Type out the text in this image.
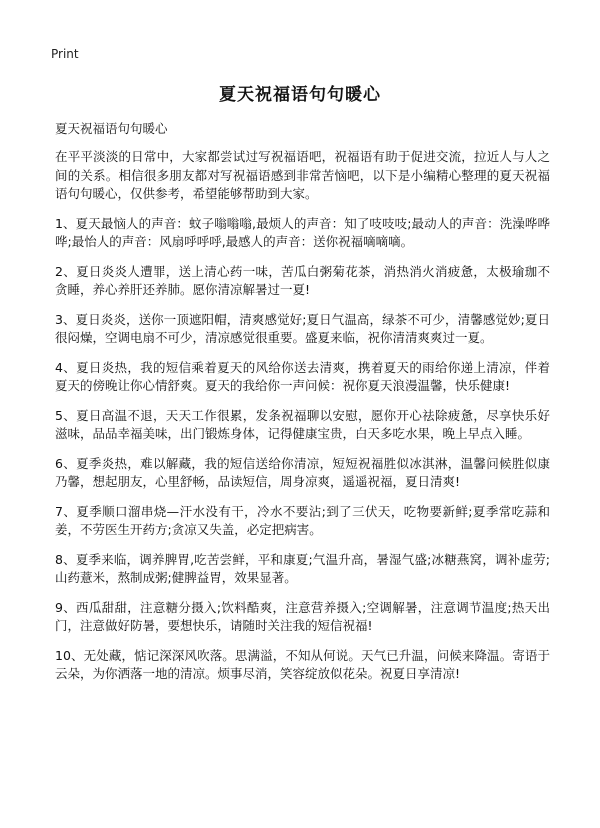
Print
夏天祝福语句句暖心

夏天祝福语句句暖心

在平平淡淡的日常中，大家都尝试过写祝福语吧，祝福语有助于促进交流，拉近人与人之间的关系。相信很多朋友都对写祝福语感到非常苦恼吧，以下是小编精心整理的夏天祝福语句句暖心，仅供参考，希望能够帮助到大家。

1、夏天最恼人的声音：蚊子嗡嗡嗡,最烦人的声音：知了吱吱吱;最动人的声音：洗澡哗哗哗;最怡人的声音：风扇呼呼呼,最感人的声音：送你祝福嘀嘀嘀。

2、夏日炎炎人遭罪，送上清心药一味，苦瓜白粥菊花茶，消热消火消疲惫，太极瑜珈不贪睡，养心养肝还养肺。愿你清凉解暑过一夏!

3、夏日炎炎，送你一顶遮阳帽，清爽感觉好;夏日气温高，绿茶不可少，清馨感觉妙;夏日很闷燥，空调电扇不可少，清凉感觉很重要。盛夏来临，祝你清清爽爽过一夏。

4、夏日炎热，我的短信乘着夏天的风给你送去清爽，携着夏天的雨给你递上清凉，伴着夏天的傍晚让你心情舒爽。夏天的我给你一声问候：祝你夏天浪漫温馨，快乐健康!

5、夏日高温不退，天天工作很累，发条祝福聊以安慰，愿你开心祛除疲惫，尽享快乐好滋味，品品幸福美味，出门锻炼身体，记得健康宝贵，白天多吃水果，晚上早点入睡。

6、夏季炎热，难以解藏，我的短信送给你清凉，短短祝福胜似冰淇淋，温馨问候胜似康乃馨，想起朋友，心里舒畅，品读短信，周身凉爽，遥遥祝福，夏日清爽!

7、夏季顺口溜串烧—汗水没有干，冷水不要沾;到了三伏天，吃物要新鲜;夏季常吃蒜和姜，不劳医生开药方;贪凉又失盖，必定把病害。

8、夏季来临，调养脾胃,吃苦尝鲜，平和康夏;气温升高，暑湿气盛;冰糖燕窝，调补虚劳;山药薏米，熬制成粥;健脾益胃，效果显著。

9、西瓜甜甜，注意糖分摄入;饮料酷爽，注意营养摄入;空调解暑，注意调节温度;热天出门，注意做好防暑，要想快乐，请随时关注我的短信祝福!

10、无处藏，惦记深深风吹落。思满溢，不知从何说。天气已升温，问候来降温。寄语于云朵，为你洒落一地的清凉。烦事尽消，笑容绽放似花朵。祝夏日享清凉!
